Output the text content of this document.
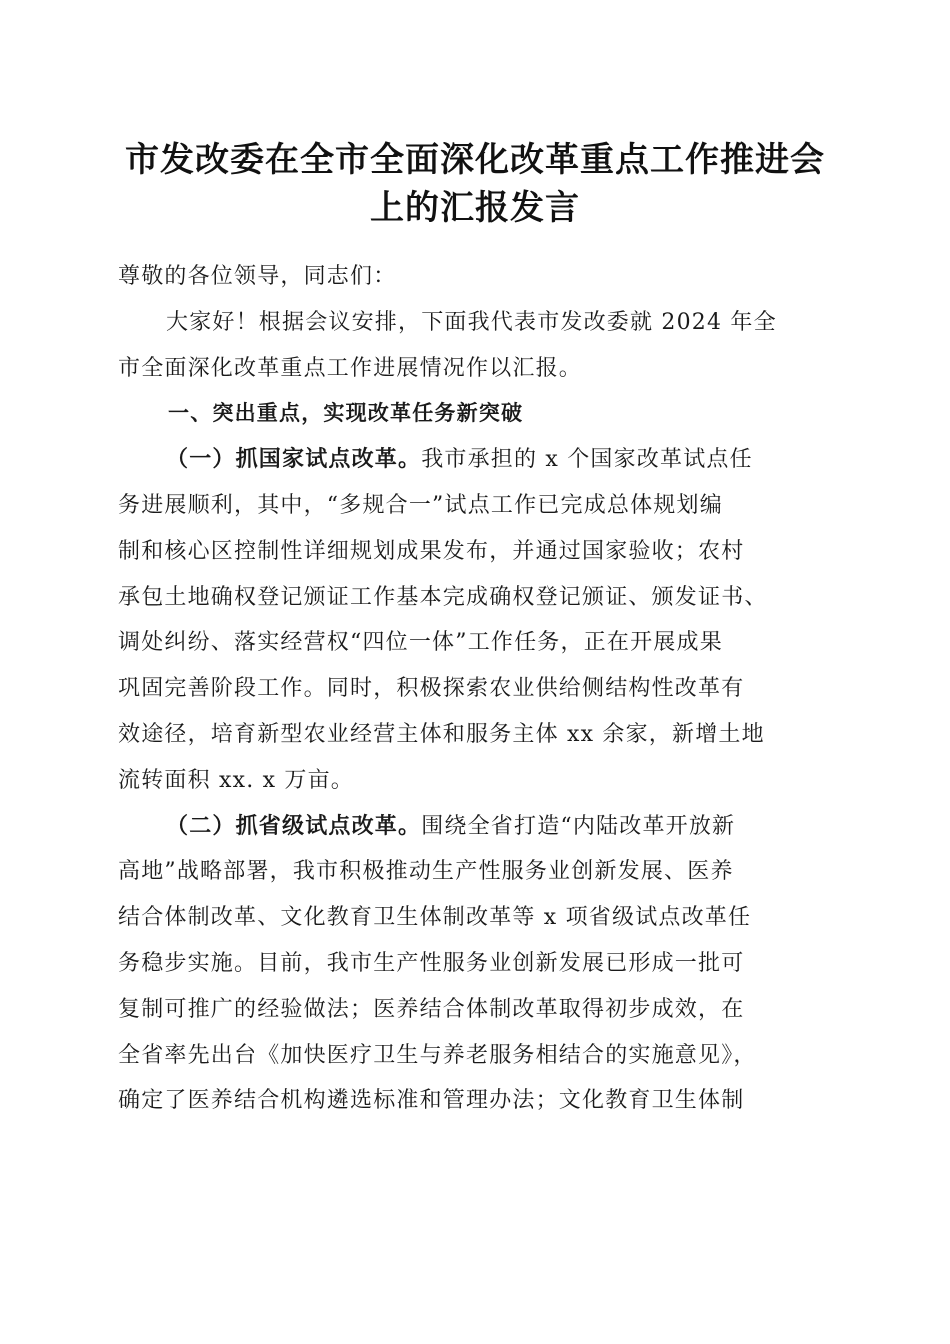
市发改委在全市全面深化改革重点工作推进会
上的汇报发言
尊敬的各位领导，同志们：
大家好！根据会议安排，下面我代表市发改委就 2024 年全
市全面深化改革重点工作进展情况作以汇报。
一、突出重点，实现改革任务新突破
（一）抓国家试点改革。我市承担的 x 个国家改革试点任
务进展顺利，其中，“多规合一”试点工作已完成总体规划编
制和核心区控制性详细规划成果发布，并通过国家验收；农村
承包土地确权登记颁证工作基本完成确权登记颁证、颁发证书、
调处纠纷、落实经营权“四位一体”工作任务，正在开展成果
巩固完善阶段工作。同时，积极探索农业供给侧结构性改革有
效途径，培育新型农业经营主体和服务主体 xx 余家，新增土地
流转面积 xx. x 万亩。
（二）抓省级试点改革。围绕全省打造“内陆改革开放新
高地”战略部署，我市积极推动生产性服务业创新发展、医养
结合体制改革、文化教育卫生体制改革等 x 项省级试点改革任
务稳步实施。目前，我市生产性服务业创新发展已形成一批可
复制可推广的经验做法；医养结合体制改革取得初步成效，在
全省率先出台《加快医疗卫生与养老服务相结合的实施意见》，
确定了医养结合机构遴选标准和管理办法；文化教育卫生体制
